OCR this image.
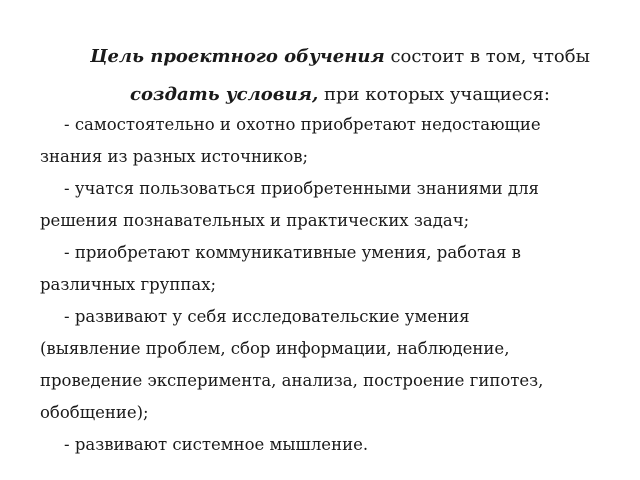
Цель проектного обучения состоит в том, чтобы
создать условия, при которых учащиеся:
- самостоятельно и охотно приобретают недостающие
знания из разных источников;
- учатся пользоваться приобретенными знаниями для
решения познавательных и практических задач;
- приобретают коммуникативные умения, работая в
различных группах;
- развивают у себя исследовательские умения
(выявление проблем, сбор информации, наблюдение,
проведение эксперимента, анализа, построение гипотез,
обобщение);
- развивают системное мышление.
